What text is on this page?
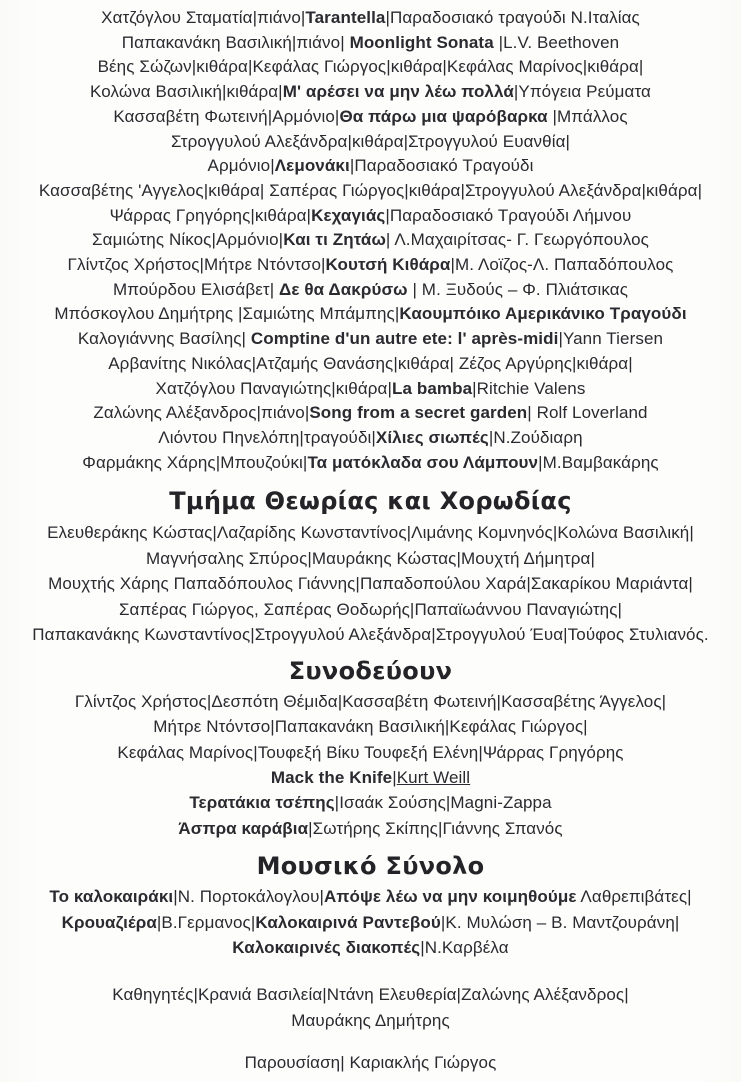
Χατζόγλου Σταματία|πιάνο|Tarantella|Παραδοσιακό τραγούδι Ν.Ιταλίας
Παπακανάκη Βασιλική|πιάνο| Moonlight Sonata |L.V. Beethoven
Βέης Σώζων|κιθάρα|Κεφάλας Γιώργος|κιθάρα|Κεφάλας Μαρίνος|κιθάρα|
Κολώνα Βασιλική|κιθάρα|Μ' αρέσει να μην λέω πολλά|Υπόγεια Ρεύματα
Κασσαβέτη Φωτεινή|Αρμόνιο|Θα πάρω μια ψαρόβαρκα |Μπάλλος
Στρογγυλού Αλεξάνδρα|κιθάρα|Στρογγυλού Ευανθία|
Αρμόνιο|Λεμονάκι|Παραδοσιακό Τραγούδι
Κασσαβέτης 'Αγγελος|κιθάρα| Σαπέρας Γιώργος|κιθάρα|Στρογγυλού Αλεξάνδρα|κιθάρα|
Ψάρρας Γρηγόρης|κιθάρα|Κεχαγιάς|Παραδοσιακό Τραγούδι Λήμνου
Σαμιώτης Νίκος|Αρμόνιο|Και τι Ζητάω| Λ.Μαχαιρίτσας- Γ. Γεωργόπουλος
Γλίντζος Χρήστος|Μήτρε Ντόντσο|Κουτσή Κιθάρα|Μ. Λοϊζος-Λ. Παπαδόπουλος
Μπούρδου Ελισάβετ| Δε θα Δακρύσω | Μ. Ξυδούς – Φ. Πλιάτσικας
Μπόσκογλου Δημήτρης |Σαμιώτης Μπάμπης|Καουμπόικο Αμερικάνικο Τραγούδι
Καλογιάννης Βασίλης| Comptine d'un autre ete: l' après-midi|Yann Tiersen
Αρβανίτης Νικόλας|Ατζαμής Θανάσης|κιθάρα| Ζέζος Αργύρης|κιθάρα|
Χατζόγλου Παναγιώτης|κιθάρα|La bamba|Ritchie Valens
Ζαλώνης Αλέξανδρος|πιάνο|Song from a secret garden| Rolf Loverland
Λιόντου Πηνελόπη|τραγούδι|Χίλιες σιωπές|Ν.Ζούδιαρη
Φαρμάκης Χάρης|Μπουζούκι|Τα ματόκλαδα σου Λάμπουν|Μ.Βαμβακάρης
Τμήμα Θεωρίας και Χορωδίας
Ελευθεράκης Κώστας|Λαζαρίδης Κωνσταντίνος|Λιμάνης Κομνηνός|Κολώνα Βασιλική|
Μαγνήσαλης Σπύρος|Μαυράκης Κώστας|Μουχτή Δήμητρα|
Μουχτής Χάρης Παπαδόπουλος Γιάννης|Παπαδοπούλου Χαρά|Σακαρίκου Μαριάντα|
Σαπέρας Γιώργος, Σαπέρας Θοδωρής|Παπαϊωάννου Παναγιώτης|
Παπακανάκης Κωνσταντίνος|Στρογγυλού Αλεξάνδρα|Στρογγυλού Έυα|Τούφος Στυλιανός.
Συνοδεύουν
Γλίντζος Χρήστος|Δεσπότη Θέμιδα|Κασσαβέτη Φωτεινή|Κασσαβέτης Άγγελος|
Μήτρε Ντόντσο|Παπακανάκη Βασιλική|Κεφάλας Γιώργος|
Κεφάλας Μαρίνος|Τουφεξή Βίκυ Τουφεξή Ελένη|Ψάρρας Γρηγόρης
Mack the Knife|Kurt Weill
Τερατάκια τσέπης|Ισαάκ Σούσης|Magni-Zappa
Άσπρα καράβια|Σωτήρης Σκίπης|Γιάννης Σπανός
Μουσικό Σύνολο
Το καλοκαιράκι|Ν. Πορτοκάλογλου|Απόψε λέω να μην κοιμηθούμε Λαθρεπιβάτες|
Κρουαζιέρα|Β.Γερμανος|Καλοκαιρινά Ραντεβού|Κ. Μυλώση – Β. Μαντζουράνη|
Καλοκαιρινές διακοπές|Ν.Καρβέλα
Καθηγητές|Κρανιά Βασιλεία|Ντάνη Ελευθερία|Ζαλώνης Αλέξανδρος|
Μαυράκης Δημήτρης
Παρουσίαση| Καριακλής Γιώργος
